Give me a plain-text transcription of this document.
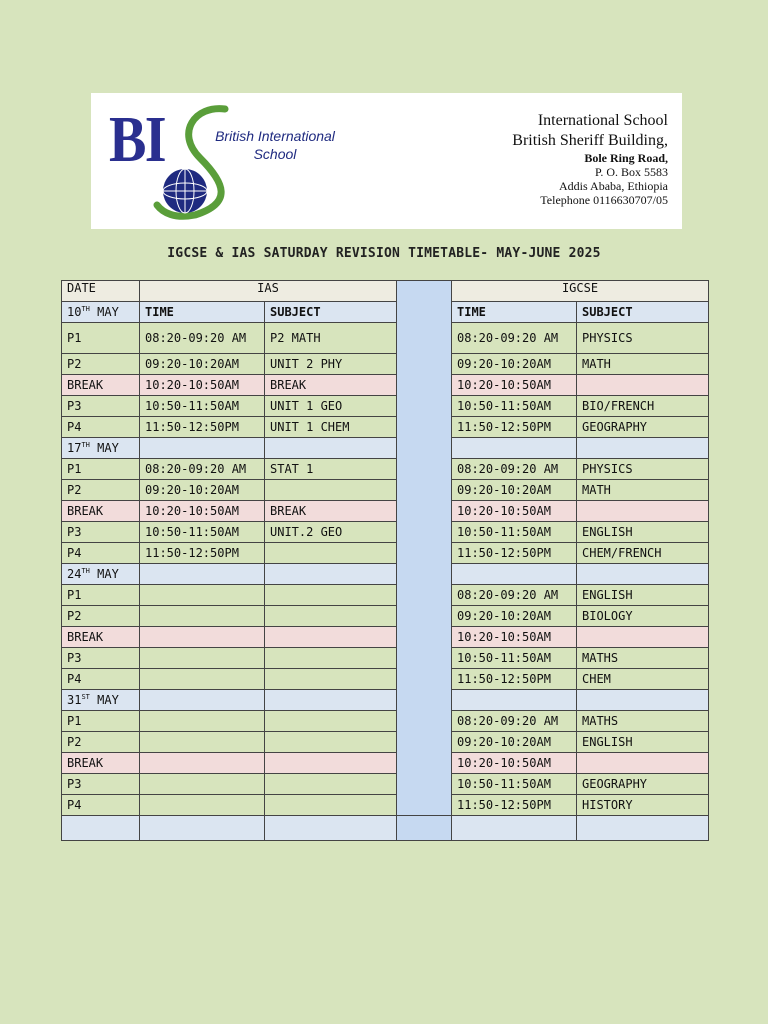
BI	British International
School
International School
British Sheriff Building,
Bole Ring Road,
P. O. Box 5583
Addis Ababa, Ethiopia
Telephone 0116630707/05
IGCSE & IAS SATURDAY REVISION TIMETABLE- MAY-JUNE 2025
DATE	IAS			IGCSE	
10TH MAY	TIME	SUBJECT		TIME	SUBJECT
P1	08:20-09:20 AM	P2 MATH		08:20-09:20 AM	PHYSICS
P2	09:20-10:20AM	UNIT 2 PHY		09:20-10:20AM	MATH
BREAK	10:20-10:50AM	BREAK		10:20-10:50AM	
P3	10:50-11:50AM	UNIT 1 GEO		10:50-11:50AM	BIO/FRENCH
P4	11:50-12:50PM	UNIT 1 CHEM		11:50-12:50PM	GEOGRAPHY
17TH MAY					
P1	08:20-09:20 AM	STAT 1		08:20-09:20 AM	PHYSICS
P2	09:20-10:20AM			09:20-10:20AM	MATH
BREAK	10:20-10:50AM	BREAK		10:20-10:50AM	
P3	10:50-11:50AM	UNIT.2 GEO		10:50-11:50AM	ENGLISH
P4	11:50-12:50PM			11:50-12:50PM	CHEM/FRENCH
24TH MAY					
P1				08:20-09:20 AM	ENGLISH
P2				09:20-10:20AM	BIOLOGY
BREAK				10:20-10:50AM	
P3				10:50-11:50AM	MATHS
P4				11:50-12:50PM	CHEM
31ST MAY					
P1				08:20-09:20 AM	MATHS
P2				09:20-10:20AM	ENGLISH
BREAK				10:20-10:50AM	
P3				10:50-11:50AM	GEOGRAPHY
P4				11:50-12:50PM	HISTORY
